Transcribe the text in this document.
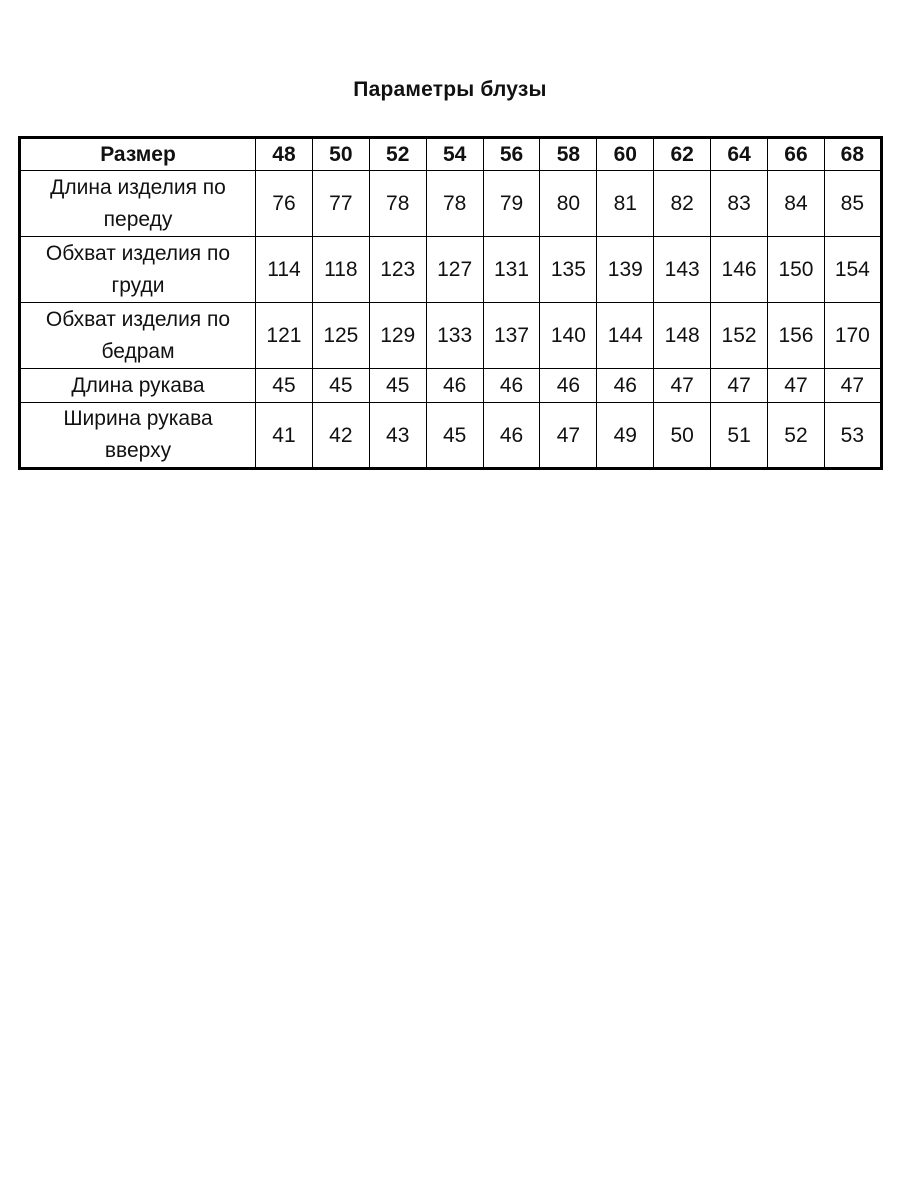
Параметры блузы
Размер	48	50	52	54	56	58	60	62	64	66	68

Длина изделия по
переду	76	77	78	78	79	80	81	82	83	84	85

Обхват изделия по
груди	114	118	123	127	131	135	139	143	146	150	154

Обхват изделия по
бедрам	121	125	129	133	137	140	144	148	152	156	170

Длина рукава	45	45	45	46	46	46	46	47	47	47	47

Ширина рукава
вверху	41	42	43	45	46	47	49	50	51	52	53
